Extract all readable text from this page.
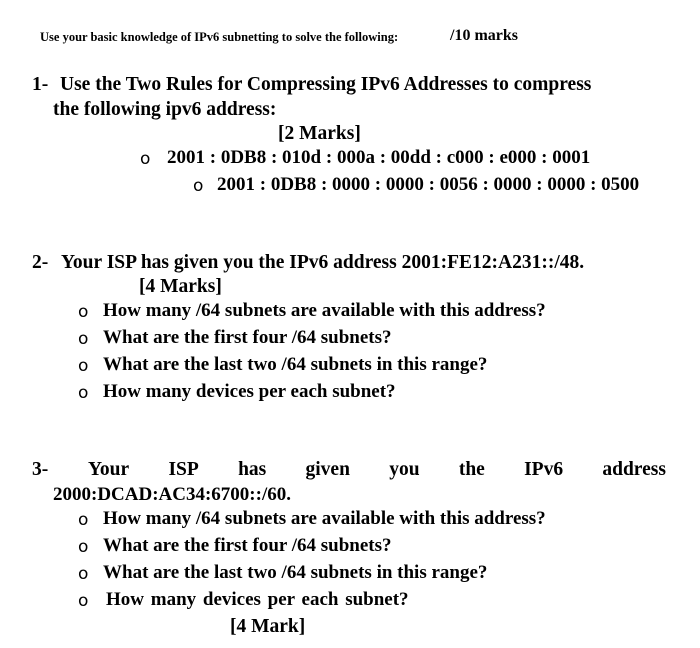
Use your basic knowledge of IPv6 subnetting to solve the following:	/10 marks
1- Use the Two Rules for Compressing IPv6 Addresses to compress
the following ipv6 address:
[2 Marks]
o 2001 : 0DB8 : 010d : 000a : 00dd : c000 : e000 : 0001
o 2001 : 0DB8 : 0000 : 0000 : 0056 : 0000 : 0000 : 0500
2- Your ISP has given you the IPv6 address 2001:FE12:A231::/48.
[4 Marks]
o How many /64 subnets are available with this address?
o What are the first four /64 subnets?
o What are the last two /64 subnets in this range?
o How many devices per each subnet?
3- Your ISP has given you the IPv6 address
2000:DCAD:AC34:6700::/60.
o How many /64 subnets are available with this address?
o What are the first four /64 subnets?
o What are the last two /64 subnets in this range?
o How many devices per each subnet?
[4 Mark]
